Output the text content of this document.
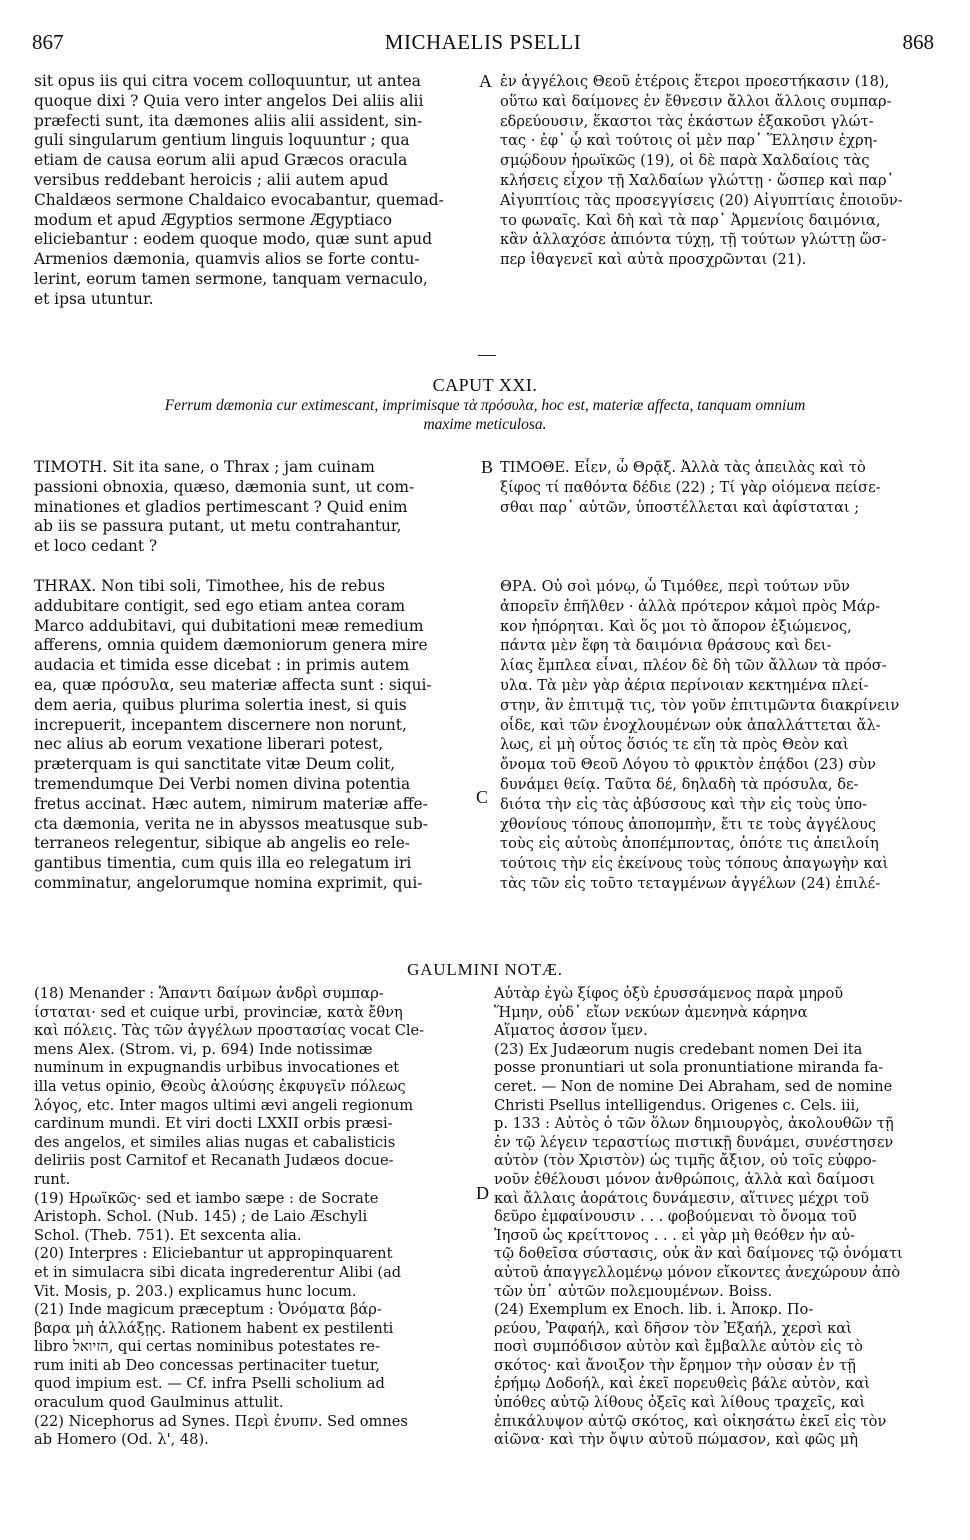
867	MICHAELIS PSELLI	868
sit opus iis qui citra vocem colloquuntur, ut antea
quoque dixi ? Quia vero inter angelos Dei aliis alii
præfecti sunt, ita dæmones aliis alii assident, sin-
guli singularum gentium linguis loquuntur ; qua
etiam de causa eorum alii apud Græcos oracula
versibus reddebant heroicis ; alii autem apud
Chaldæos sermone Chaldaico evocabantur, quemad-
modum et apud Ægyptios sermone Ægyptiaco
eliciebantur : eodem quoque modo, quæ sunt apud
Armenios dæmonia, quamvis alios se forte contu-
lerint, eorum tamen sermone, tanquam vernaculo,
et ipsa utuntur.
A ἐν ἀγγέλοις Θεοῦ ἑτέροις ἕτεροι προεστήκασιν (18),
οὕτω καὶ δαίμονες ἐν ἔθνεσιν ἄλλοι ἄλλοις συμπαρ-
εδρεύουσιν, ἕκαστοι τὰς ἑκάστων ἐξακοῦσι γλώτ-
τας · ἐφ᾽ ᾧ καὶ τούτοις οἱ μὲν παρ᾽ Ἕλλησιν ἐχρη-
σμῴδουν ἡρωϊκῶς (19), οἱ δὲ παρὰ Χαλδαίοις τὰς
κλήσεις εἶχον τῇ Χαλδαίων γλώττῃ · ὥσπερ καὶ παρ᾽
Αἰγυπτίοις τὰς προσεγγίσεις (20) Αἰγυπτίαις ἐποιοῦν-
το φωναῖς. Καὶ δὴ καὶ τὰ παρ᾽ Ἀρμενίοις δαιμόνια,
κἂν ἀλλαχόσε ἀπιόντα τύχῃ, τῇ τούτων γλώττῃ ὥσ-
περ ἰθαγενεῖ καὶ αὐτὰ προσχρῶνται (21).
CAPUT XXI.
Ferrum dæmonia cur extimescant, imprimisque τὰ πρόσυλα, hoc est, materiæ affecta, tanquam omnium
maxime meticulosa.
TIMOTH. Sit ita sane, o Thrax ; jam cuinam
passioni obnoxia, quæso, dæmonia sunt, ut com-
minationes et gladios pertimescant ? Quid enim
ab iis se passura putant, ut metu contrahantur,
et loco cedant ?
B ΤΙΜΟΘΕ. Εἶεν, ὦ Θρᾷξ. Ἀλλὰ τὰς ἀπειλὰς καὶ τὸ
ξίφος τί παθόντα δέδιε (22) ; Τί γὰρ οἰόμενα πείσε-
σθαι παρ᾽ αὐτῶν, ὑποστέλλεται καὶ ἀφίσταται ;
THRAX. Non tibi soli, Timothee, his de rebus
addubitare contigit, sed ego etiam antea coram
Marco addubitavi, qui dubitationi meæ remedium
afferens, omnia quidem dæmoniorum genera mire
audacia et timida esse dicebat : in primis autem
ea, quæ πρόσυλα, seu materiæ affecta sunt : siqui-
dem aeria, quibus plurima solertia inest, si quis
increpuerit, incepantem discernere non norunt,
nec alius ab eorum vexatione liberari potest,
præterquam is qui sanctitate vitæ Deum colit,
tremendumque Dei Verbi nomen divina potentia
fretus accinat. Hæc autem, nimirum materiæ affe-
cta dæmonia, verita ne in abyssos meatusque sub-
terraneos relegentur, sibique ab angelis eo rele-
gantibus timentia, cum quis illa eo relegatum iri
comminatur, angelorumque nomina exprimit, qui-
C
ΘΡΑ. Οὐ σοὶ μόνῳ, ὦ Τιμόθεε, περὶ τούτων νῦν
ἀπορεῖν ἐπῆλθεν · ἀλλὰ πρότερον κἀμοὶ πρὸς Μάρ-
κον ἠπόρηται. Καὶ ὅς μοι τὸ ἄπορον ἐξιώμενος,
πάντα μὲν ἔφη τὰ δαιμόνια θράσους καὶ δει-
λίας ἔμπλεα εἶναι, πλέον δὲ δὴ τῶν ἄλλων τὰ πρόσ-
υλα. Τὰ μὲν γὰρ ἀέρια περίνοιαν κεκτημένα πλεί-
στην, ἂν ἐπιτιμᾷ τις, τὸν γοῦν ἐπιτιμῶντα διακρίνειν
οἶδε, καὶ τῶν ἐνοχλουμένων οὐκ ἀπαλλάττεται ἄλ-
λως, εἰ μὴ οὗτος ὅσιός τε εἴη τὰ πρὸς Θεὸν καὶ
ὄνομα τοῦ Θεοῦ Λόγου τὸ φρικτὸν ἐπᾴδοι (23) σὺν
δυνάμει θείᾳ. Ταῦτα δέ, δηλαδὴ τὰ πρόσυλα, δε-
διότα τὴν εἰς τὰς ἀβύσσους καὶ τὴν εἰς τοὺς ὑπο-
χθονίους τόπους ἀποπομπὴν, ἔτι τε τοὺς ἀγγέλους
τοὺς εἰς αὐτοὺς ἀποπέμποντας, ὁπότε τις ἀπειλοίη
τούτοις τὴν εἰς ἐκείνους τοὺς τόπους ἀπαγωγὴν καὶ
τὰς τῶν εἰς τοῦτο τεταγμένων ἀγγέλων (24) ἐπιλέ-
GAULMINI NOTÆ.
(18) Menander : Ἅπαντι δαίμων ἀνδρὶ συμπαρ-
ίσταται· sed et cuique urbi, provinciæ, κατὰ ἔθνη
καὶ πόλεις. Τὰς τῶν ἀγγέλων προστασίας vocat Cle-
mens Alex. (Strom. vi, p. 694) Inde notissimæ
numinum in expugnandis urbibus invocationes et
illa vetus opinio, Θεοὺς ἀλούσης ἐκφυγεῖν πόλεως
λόγος, etc. Inter magos ultimi ævi angeli regionum
cardinum mundi. Et viri docti LXXII orbis præsi-
des angelos, et similes alias nugas et cabalisticis
deliriis post Carnitof et Recanath Judæos docue-
runt.
(19) Ηρωϊκῶς· sed et iambo sæpe : de Socrate
Aristoph. Schol. (Nub. 145) ; de Laio Æschyli
Schol. (Theb. 751). Et sexcenta alia.
(20) Interpres : Eliciebantur ut appropinquarent
et in simulacra sibi dicata ingrederentur Alibi (ad
Vit. Mosis, p. 203.) explicamus hunc locum.
(21) Inde magicum præceptum : Ὀνόματα βάρ-
βαρα μὴ ἀλλάξῃς. Rationem habent ex pestilenti
libro הזיואל, qui certas nominibus potestates re-
rum initi ab Deo concessas pertinaciter tuetur,
quod impium est. — Cf. infra Pselli scholium ad
oraculum quod Gaulminus attulit.
(22) Nicephorus ad Synes. Περὶ ἐνυπν. Sed omnes
ab Homero (Od. λ', 48).
D
Αὐτὰρ ἐγὼ ξίφος ὀξὺ ἐρυσσάμενος παρὰ μηροῦ
Ἥμην, οὐδ᾽ εἴων νεκύων ἀμενηνὰ κάρηνα
Αἵματος ἆσσον ἴμεν.
(23) Ex Judæorum nugis credebant nomen Dei ita
posse pronuntiari ut sola pronuntiatione miranda fa-
ceret. — Non de nomine Dei Abraham, sed de nomine
Christi Psellus intelligendus. Origenes c. Cels. iii,
p. 133 : Αὐτὸς ὁ τῶν ὅλων δημιουργὸς, ἀκολουθῶν τῇ
ἐν τῷ λέγειν τεραστίως πιστικῇ δυνάμει, συνέστησεν
αὐτὸν (τὸν Χριστὸν) ὡς τιμῆς ἄξιον, οὐ τοῖς εὐφρο-
νοῦν ἐθέλουσι μόνον ἀνθρώποις, ἀλλὰ καὶ δαίμοσι
καὶ ἄλλαις ἀοράτοις δυνάμεσιν, αἵτινες μέχρι τοῦ
δεῦρο ἐμφαίνουσιν . . . φοβούμεναι τὸ ὄνομα τοῦ
Ἰησοῦ ὡς κρείττονος . . . εἰ γὰρ μὴ θεόθεν ἦν αὐ-
τῷ δοθεῖσα σύστασις, οὐκ ἂν καὶ δαίμονες τῷ ὀνόματι
αὐτοῦ ἀπαγγελλομένῳ μόνον εἴκοντες ἀνεχώρουν ἀπὸ
τῶν ὑπ᾽ αὐτῶν πολεμουμένων. Boiss.
(24) Exemplum ex Enoch. lib. i. Ἀποκρ. Πο-
ρεύου, Ῥαφαήλ, καὶ δῆσον τὸν Ἐξαήλ, χερσὶ καὶ
ποσὶ συμπόδισον αὐτὸν καὶ ἔμβαλλε αὐτὸν εἰς τὸ
σκότος· καὶ ἄνοιξον τὴν ἔρημον τὴν οὖσαν ἐν τῇ
ἐρήμῳ Δοδοήλ, καὶ ἐκεῖ πορευθεὶς βάλε αὐτὸν, καὶ
ὑπόθες αὐτῷ λίθους ὀξεῖς καὶ λίθους τραχεῖς, καὶ
ἐπικάλυψον αὐτῷ σκότος, καὶ οἰκησάτω ἐκεῖ εἰς τὸν
αἰῶνα· καὶ τὴν ὄψιν αὐτοῦ πώμασον, καὶ φῶς μὴ
